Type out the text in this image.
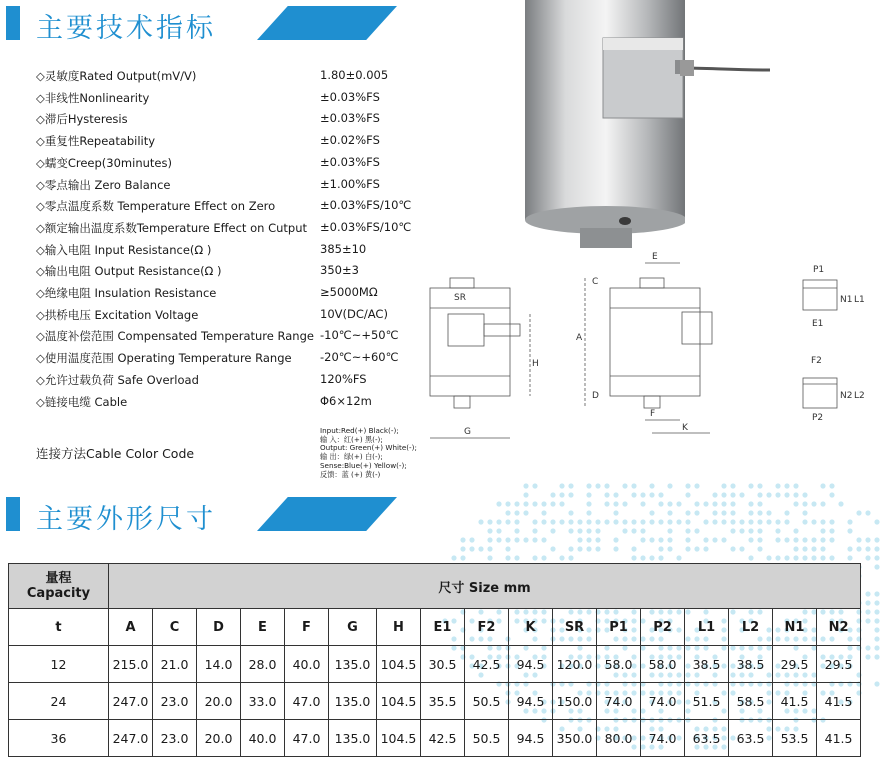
主要技术指标
◇灵敏度Rated Output(mV/V)	1.80±0.005
◇非线性Nonlinearity	±0.03%FS
◇滞后Hysteresis	±0.03%FS
◇重复性Repeatability	±0.02%FS
◇蠕变Creep(30minutes)	±0.03%FS
◇零点输出 Zero Balance	±1.00%FS
◇零点温度系数 Temperature Effect on Zero	±0.03%FS/10℃
◇额定输出温度系数Temperature Effect on Cutput ±0.03%FS/10℃
◇输入电阻 Input Resistance(Ω )	385±10
◇输出电阻 Output Resistance(Ω )	350±3
◇绝缘电阻 Insulation Resistance	≥5000MΩ
◇拱桥电压 Excitation Voltage	10V(DC/AC)
◇温度补偿范围 Compensated Temperature Range -10℃~+50℃
◇使用温度范围 Operating Temperature Range -20℃~+60℃
◇允许过载负荷 Safe Overload	120%FS
◇链接电缆 Cable	Φ6×12m
连接方法Cable Color Code
Input:Red(+) Black(-);
输 入：红(+) 黑(-);
Output: Green(+) White(-);
输 出：绿(+) 白(-);
Sense:Blue(+) Yellow(-);
反馈：蓝 (+) 黄(-)
SR
G
H
A
C
E
D
F
K
P1
N1 L1
E1
F2
N2 L2
P2
主要外形尺寸
量程
Capacity	尺寸 Size mm																
t	A	C	D	E	F	G	H	E1	F2	K	SR	P1	P2	L1	L2	N1	N2
12	215.0	21.0	14.0	28.0	40.0	135.0	104.5	30.5	42.5	94.5	120.0	58.0	58.0	38.5	38.5	29.5	29.5
24	247.0	23.0	20.0	33.0	47.0	135.0	104.5	35.5	50.5	94.5	150.0	74.0	74.0	51.5	58.5	41.5	41.5
36	247.0	23.0	20.0	40.0	47.0	135.0	104.5	42.5	50.5	94.5	350.0	80.0	74.0	63.5	63.5	53.5	41.5
